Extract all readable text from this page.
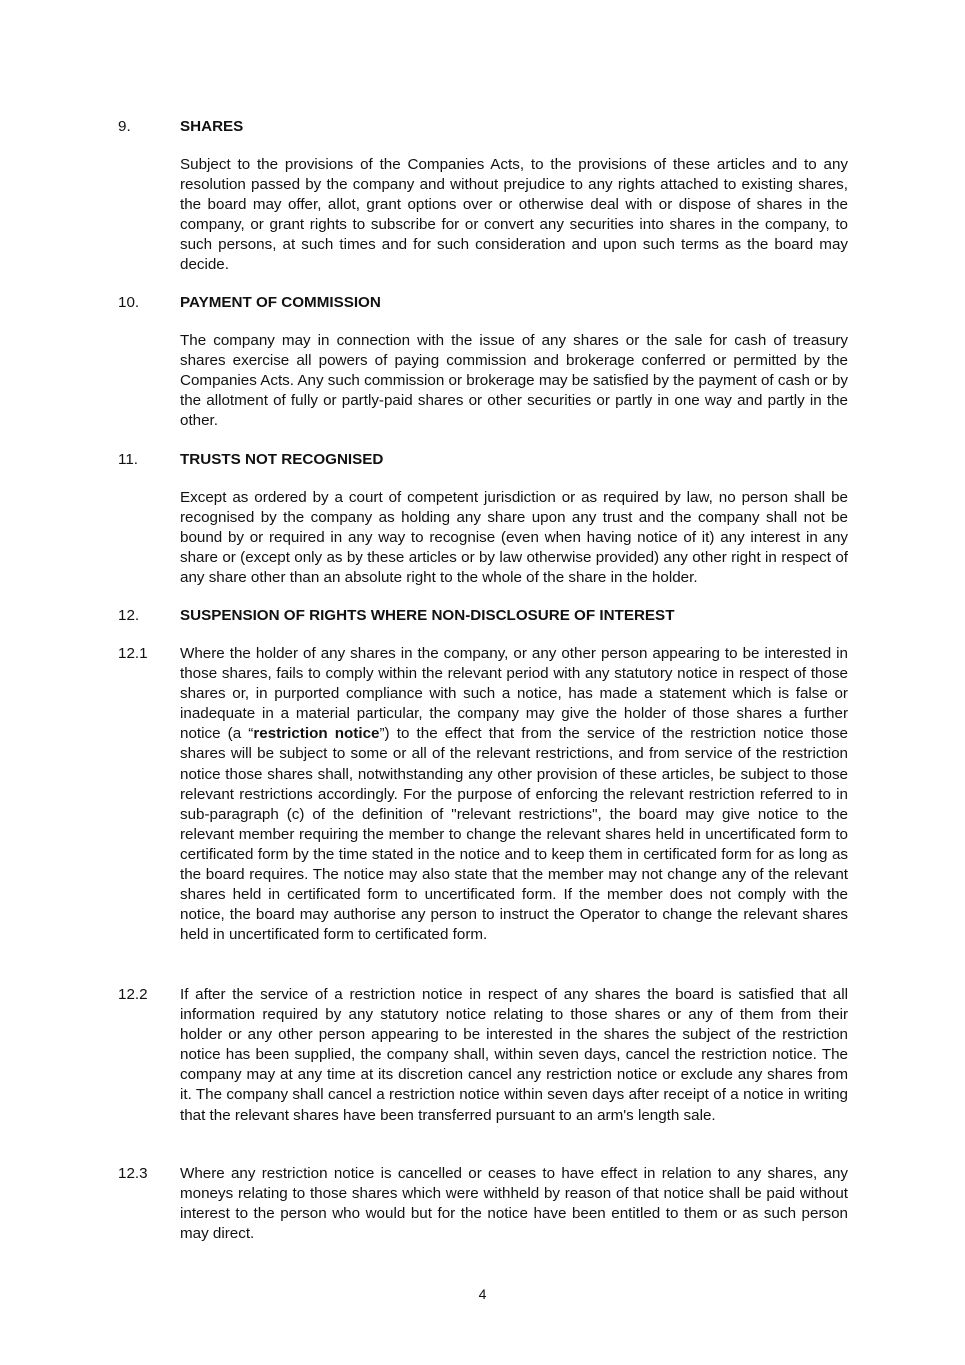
9.	SHARES

Subject to the provisions of the Companies Acts, to the provisions of these articles and to any resolution passed by the company and without prejudice to any rights attached to existing shares, the board may offer, allot, grant options over or otherwise deal with or dispose of shares in the company, or grant rights to subscribe for or convert any securities into shares in the company, to such persons, at such times and for such consideration and upon such terms as the board may decide.

10.	PAYMENT OF COMMISSION

The company may in connection with the issue of any shares or the sale for cash of treasury shares exercise all powers of paying commission and brokerage conferred or permitted by the Companies Acts. Any such commission or brokerage may be satisfied by the payment of cash or by the allotment of fully or partly-paid shares or other securities or partly in one way and partly in the other.

11.	TRUSTS NOT RECOGNISED

Except as ordered by a court of competent jurisdiction or as required by law, no person shall be recognised by the company as holding any share upon any trust and the company shall not be bound by or required in any way to recognise (even when having notice of it) any interest in any share or (except only as by these articles or by law otherwise provided) any other right in respect of any share other than an absolute right to the whole of the share in the holder.

12.	SUSPENSION OF RIGHTS WHERE NON-DISCLOSURE OF INTEREST
12.1 Where the holder of any shares in the company, or any other person appearing to be interested in those shares, fails to comply within the relevant period with any statutory notice in respect of those shares or, in purported compliance with such a notice, has made a statement which is false or inadequate in a material particular, the company may give the holder of those shares a further notice (a “restriction notice”) to the effect that from the service of the restriction notice those shares will be subject to some or all of the relevant restrictions, and from service of the restriction notice those shares shall, notwithstanding any other provision of these articles, be subject to those relevant restrictions accordingly. For the purpose of enforcing the relevant restriction referred to in sub-paragraph (c) of the definition of "relevant restrictions", the board may give notice to the relevant member requiring the member to change the relevant shares held in uncertificated form to certificated form by the time stated in the notice and to keep them in certificated form for as long as the board requires. The notice may also state that the member may not change any of the relevant shares held in certificated form to uncertificated form. If the member does not comply with the notice, the board may authorise any person to instruct the Operator to change the relevant shares held in uncertificated form to certificated form.

12.2 If after the service of a restriction notice in respect of any shares the board is satisfied that all information required by any statutory notice relating to those shares or any of them from their holder or any other person appearing to be interested in the shares the subject of the restriction notice has been supplied, the company shall, within seven days, cancel the restriction notice. The company may at any time at its discretion cancel any restriction notice or exclude any shares from it. The company shall cancel a restriction notice within seven days after receipt of a notice in writing that the relevant shares have been transferred pursuant to an arm's length sale.

12.3 Where any restriction notice is cancelled or ceases to have effect in relation to any shares, any moneys relating to those shares which were withheld by reason of that notice shall be paid without interest to the person who would but for the notice have been entitled to them or as such person may direct.

4
